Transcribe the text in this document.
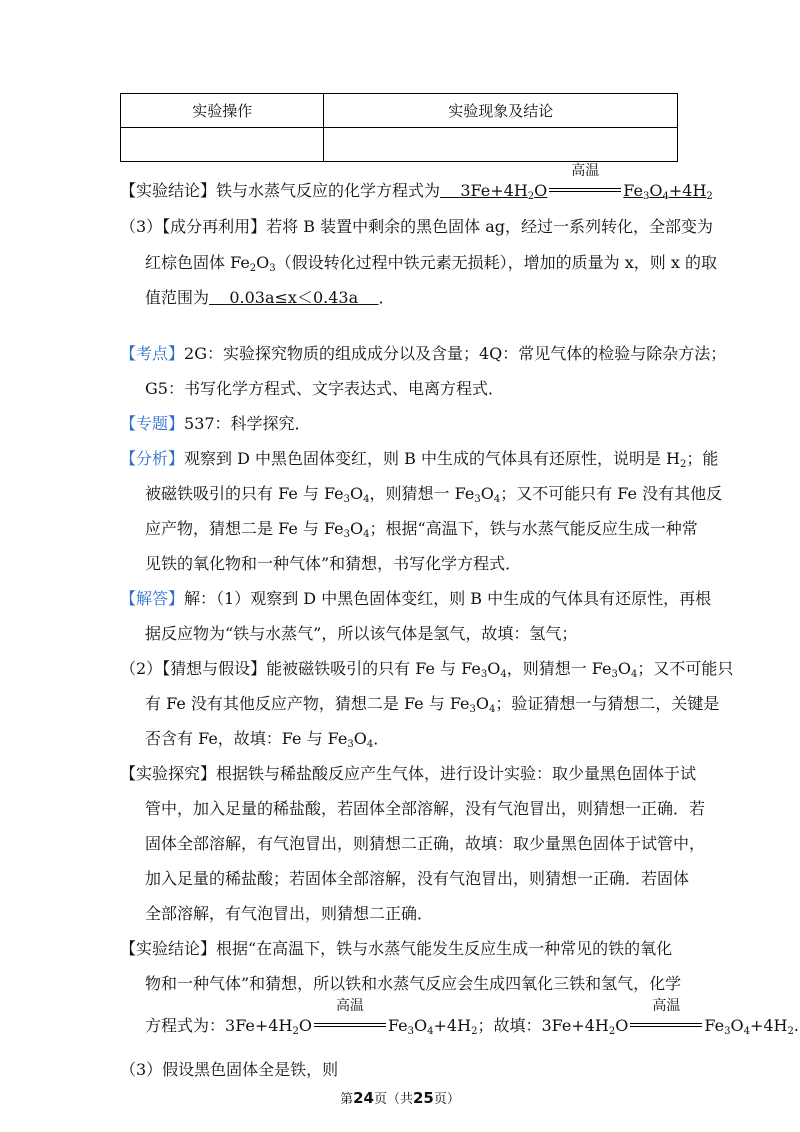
实验操作	实验现象及结论

【实验结论】铁与水蒸气反应的化学方程式为 $3Fe+4H_2O$
高温
$Fe_3O_4+4H_2$
（3）【成分再利用】若将 B 装置中剩余的黑色固体 ag，经过一系列转化，全部变为
红棕色固体 $Fe_2O_3$（假设转化过程中铁元素无损耗），增加的质量为 x，则 x 的取
值范围为 0.03a≤x＜0.43a ．
【考点】2G：实验探究物质的组成成分以及含量；4Q：常见气体的检验与除杂方法；
G5：书写化学方程式、文字表达式、电离方程式．
【专题】537：科学探究．
【分析】观察到 D 中黑色固体变红，则 B 中生成的气体具有还原性，说明是 $H_2$；能
被磁铁吸引的只有 Fe 与 $Fe_3O_4$，则猜想一 $Fe_3O_4$；又不可能只有 Fe 没有其他反
应产物，猜想二是 Fe 与 $Fe_3O_4$；根据“高温下，铁与水蒸气能反应生成一种常
见铁的氧化物和一种气体”和猜想，书写化学方程式．
【解答】解：（1）观察到 D 中黑色固体变红，则 B 中生成的气体具有还原性，再根
据反应物为“铁与水蒸气”，所以该气体是氢气，故填：氢气；
（2）【猜想与假设】能被磁铁吸引的只有 Fe 与 $Fe_3O_4$，则猜想一 $Fe_3O_4$；又不可能只
有 Fe 没有其他反应产物，猜想二是 Fe 与 $Fe_3O_4$；验证猜想一与猜想二，关键是
否含有 Fe，故填：Fe 与 $Fe_3O_4$．
【实验探究】根据铁与稀盐酸反应产生气体，进行设计实验：取少量黑色固体于试
管中，加入足量的稀盐酸，若固体全部溶解，没有气泡冒出，则猜想一正确．若
固体全部溶解，有气泡冒出，则猜想二正确，故填：取少量黑色固体于试管中，
加入足量的稀盐酸；若固体全部溶解，没有气泡冒出，则猜想一正确．若固体
全部溶解，有气泡冒出，则猜想二正确．
【实验结论】根据“在高温下，铁与水蒸气能发生反应生成一种常见的铁的氧化
物和一种气体”和猜想，所以铁和水蒸气反应会生成四氧化三铁和氢气，化学
方程式为：$3Fe+4H_2O$
高温
$Fe_3O_4+4H_2$；故填：$3Fe+4H_2O$
高温
$Fe_3O_4+4H_2$.
（3）假设黑色固体全是铁，则
第24页（共25页）
